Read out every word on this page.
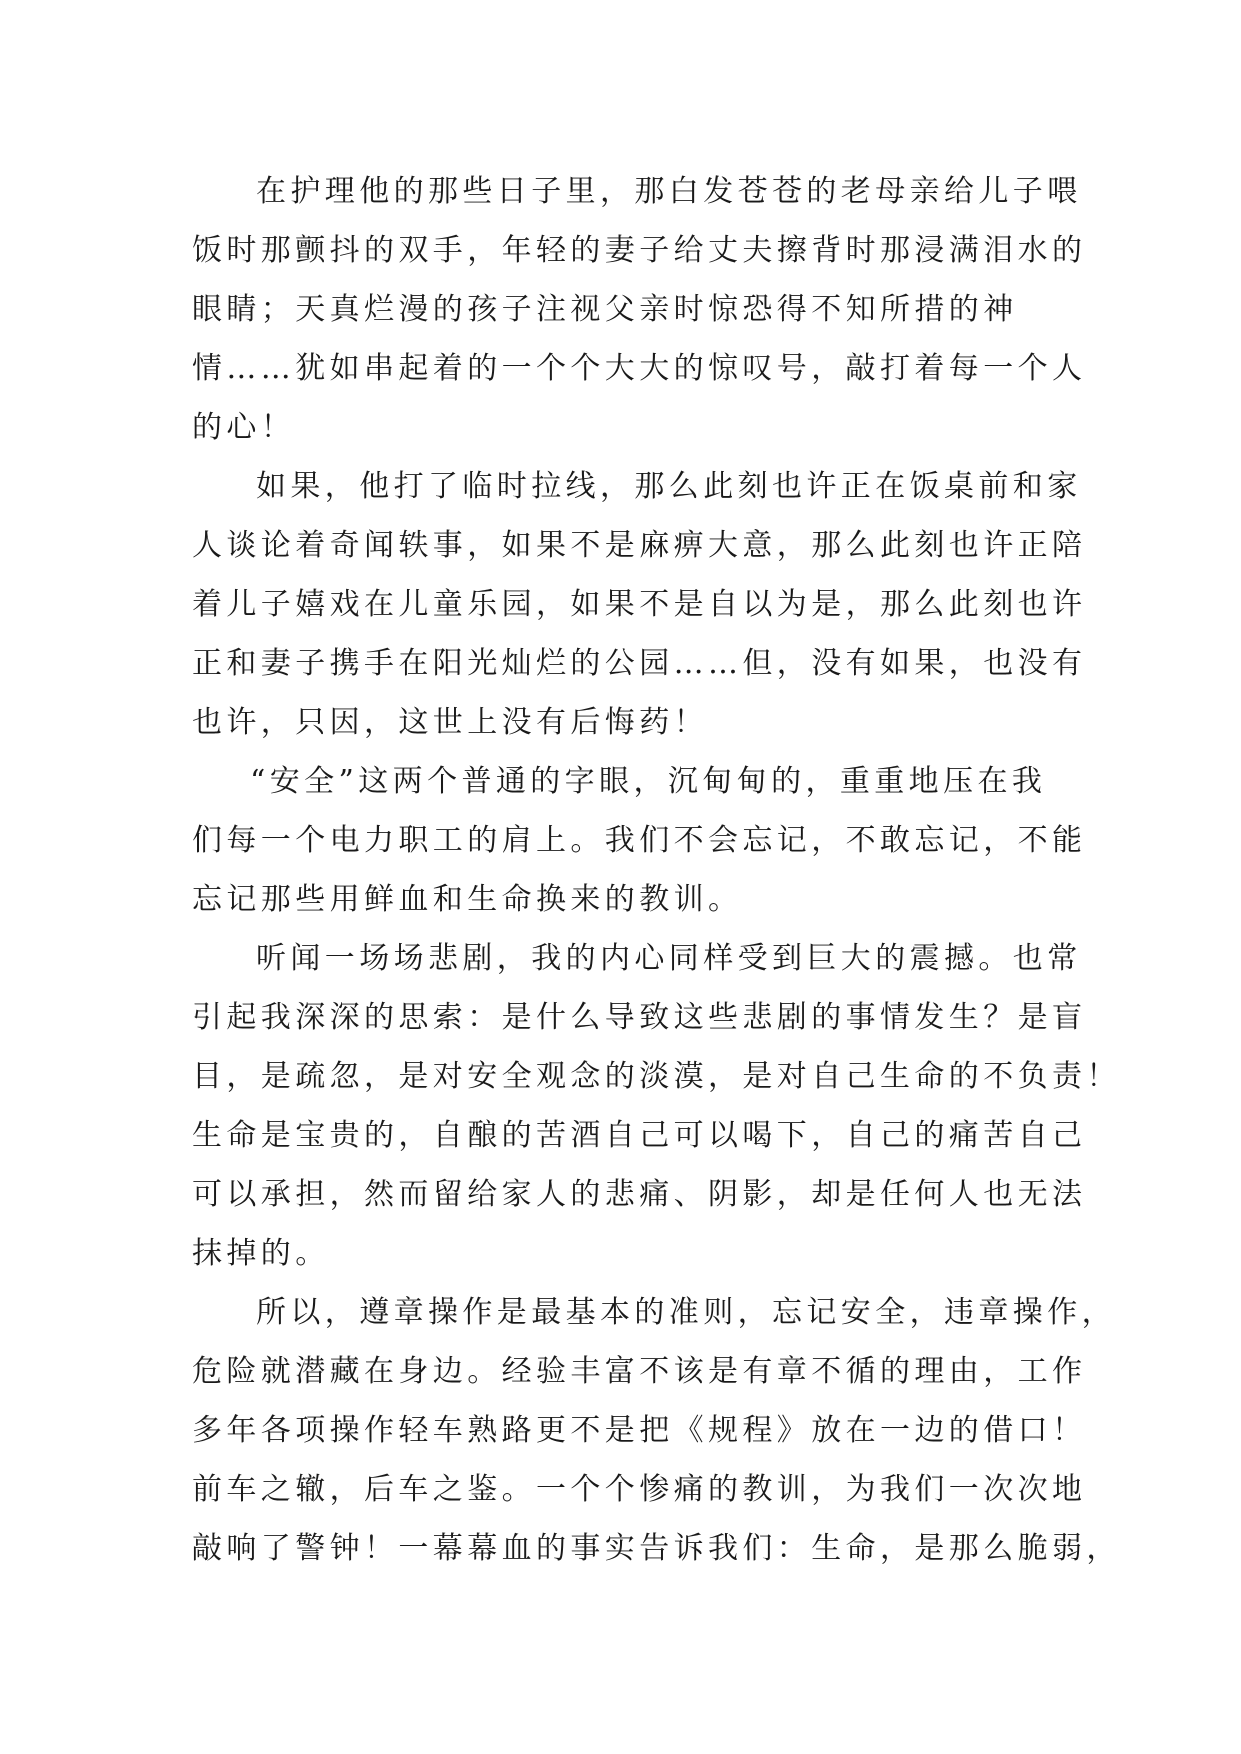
在护理他的那些日子里，那白发苍苍的老母亲给儿子喂
饭时那颤抖的双手，年轻的妻子给丈夫擦背时那浸满泪水的
眼睛；天真烂漫的孩子注视父亲时惊恐得不知所措的神
情……犹如串起着的一个个大大的惊叹号，敲打着每一个人
的心！

如果，他打了临时拉线，那么此刻也许正在饭桌前和家
人谈论着奇闻轶事，如果不是麻痹大意，那么此刻也许正陪
着儿子嬉戏在儿童乐园，如果不是自以为是，那么此刻也许
正和妻子携手在阳光灿烂的公园……但，没有如果，也没有
也许，只因，这世上没有后悔药！

“安全”这两个普通的字眼，沉甸甸的，重重地压在我
们每一个电力职工的肩上。我们不会忘记，不敢忘记，不能
忘记那些用鲜血和生命换来的教训。

听闻一场场悲剧，我的内心同样受到巨大的震撼。也常
引起我深深的思索：是什么导致这些悲剧的事情发生？是盲
目，是疏忽，是对安全观念的淡漠，是对自己生命的不负责！
生命是宝贵的，自酿的苦酒自己可以喝下，自己的痛苦自己
可以承担，然而留给家人的悲痛、阴影，却是任何人也无法
抹掉的。

所以，遵章操作是最基本的准则，忘记安全，违章操作，
危险就潜藏在身边。经验丰富不该是有章不循的理由，工作
多年各项操作轻车熟路更不是把《规程》放在一边的借口！
前车之辙，后车之鉴。一个个惨痛的教训，为我们一次次地
敲响了警钟！一幕幕血的事实告诉我们：生命，是那么脆弱，
